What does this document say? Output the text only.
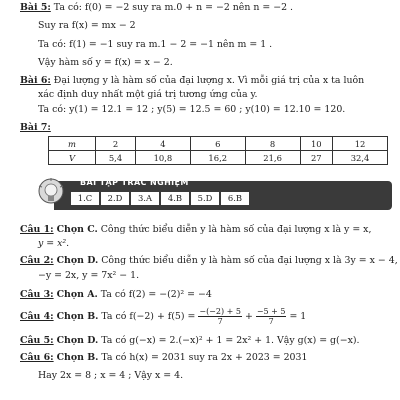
Bài 5: Ta có: f(0) = −2 suy ra m.0 + n = −2 nên n = −2 .
Suy ra f(x) = mx − 2
Ta có: f(1) = −1 suy ra m.1 − 2 = −1 nên m = 1 .
Vậy hàm số y = f(x) = x − 2.
Bài 6: Đại lượng y là hàm số của đại lượng x. Vì mỗi giá trị của x ta luôn
xác định duy nhất một giá trị tương ứng của y.
Ta có: y(1) = 12.1 = 12 ; y(5) = 12.5 = 60 ; y(10) = 12.10 = 120.
Bài 7:
m	2	4	6	8	10	12
V	5,4	10,8	16,2	21,6	27	32,4
BÀI TẬP TRẮC NGHIỆM
1.C	2.D	3.A	4.B	5.D	6.B
Câu 1: Chọn C. Công thức biểu diễn y là hàm số của đại lượng x là y = x,
y = x².
Câu 2: Chọn D. Công thức biểu diễn y là hàm số của đại lượng x là 3y = x − 4,
−y = 2x, y = 7x² − 1.
Câu 3: Chọn A. Ta có f(2) = −(2)² = −4
Câu 4: Chọn B. Ta có $f(-2) + f(5) = \frac{-(-2) + 5}{7} + \frac{-5 + 5}{7} = 1$
Câu 5: Chọn D. Ta có g(−x) = 2.(−x)² + 1 = 2x² + 1. Vậy g(x) = g(−x).
Câu 6: Chọn B. Ta có h(x) = 2031 suy ra 2x + 2023 = 2031
Hay 2x = 8 ; x = 4 ; Vậy x = 4.
